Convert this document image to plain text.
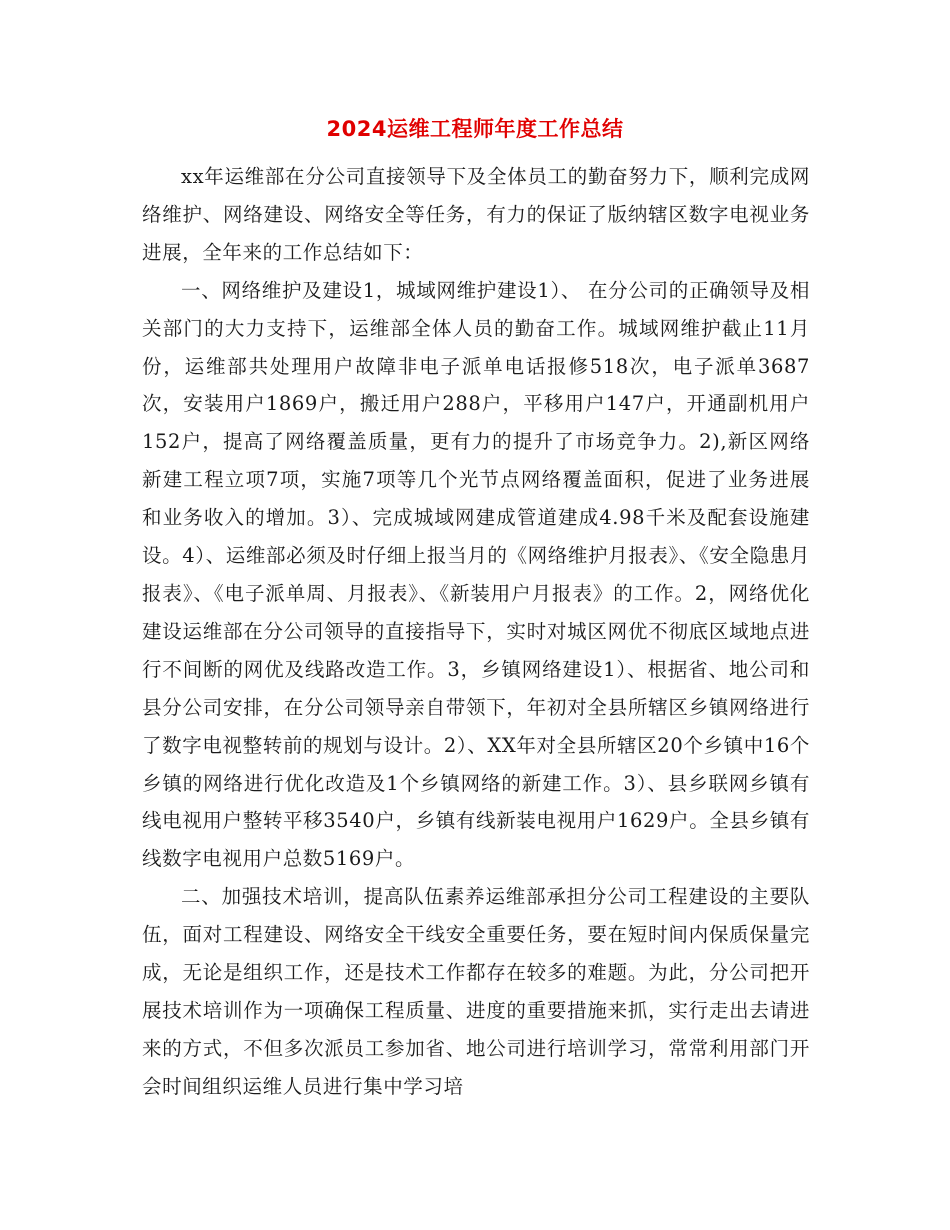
2024运维工程师年度工作总结

xx年运维部在分公司直接领导下及全体员工的勤奋努力下，顺利完成网络维护、网络建设、网络安全等任务，有力的保证了版纳辖区数字电视业务进展，全年来的工作总结如下：

一、网络维护及建设1，城域网维护建设1）、 在分公司的正确领导及相关部门的大力支持下，运维部全体人员的勤奋工作。城域网维护截止11月份，运维部共处理用户故障非电子派单电话报修518次，电子派单3687次，安装用户1869户，搬迁用户288户，平移用户147户，开通副机用户152户，提高了网络覆盖质量，更有力的提升了市场竞争力。2),新区网络新建工程立项7项，实施7项等几个光节点网络覆盖面积，促进了业务进展和业务收入的增加。3）、完成城域网建成管道建成4.98千米及配套设施建设。4）、运维部必须及时仔细上报当月的《网络维护月报表》、《安全隐患月报表》、《电子派单周、月报表》、《新装用户月报表》的工作。2，网络优化建设运维部在分公司领导的直接指导下，实时对城区网优不彻底区域地点进行不间断的网优及线路改造工作。3，乡镇网络建设1）、根据省、地公司和县分公司安排，在分公司领导亲自带领下，年初对全县所辖区乡镇网络进行了数字电视整转前的规划与设计。2）、XX年对全县所辖区20个乡镇中16个乡镇的网络进行优化改造及1个乡镇网络的新建工作。3）、县乡联网乡镇有线电视用户整转平移3540户，乡镇有线新装电视用户1629户。全县乡镇有线数字电视用户总数5169户。

二、加强技术培训，提高队伍素养运维部承担分公司工程建设的主要队伍，面对工程建设、网络安全干线安全重要任务，要在短时间内保质保量完成，无论是组织工作，还是技术工作都存在较多的难题。为此，分公司把开展技术培训作为一项确保工程质量、进度的重要措施来抓，实行走出去请进来的方式，不但多次派员工参加省、地公司进行培训学习，常常利用部门开会时间组织运维人员进行集中学习培
